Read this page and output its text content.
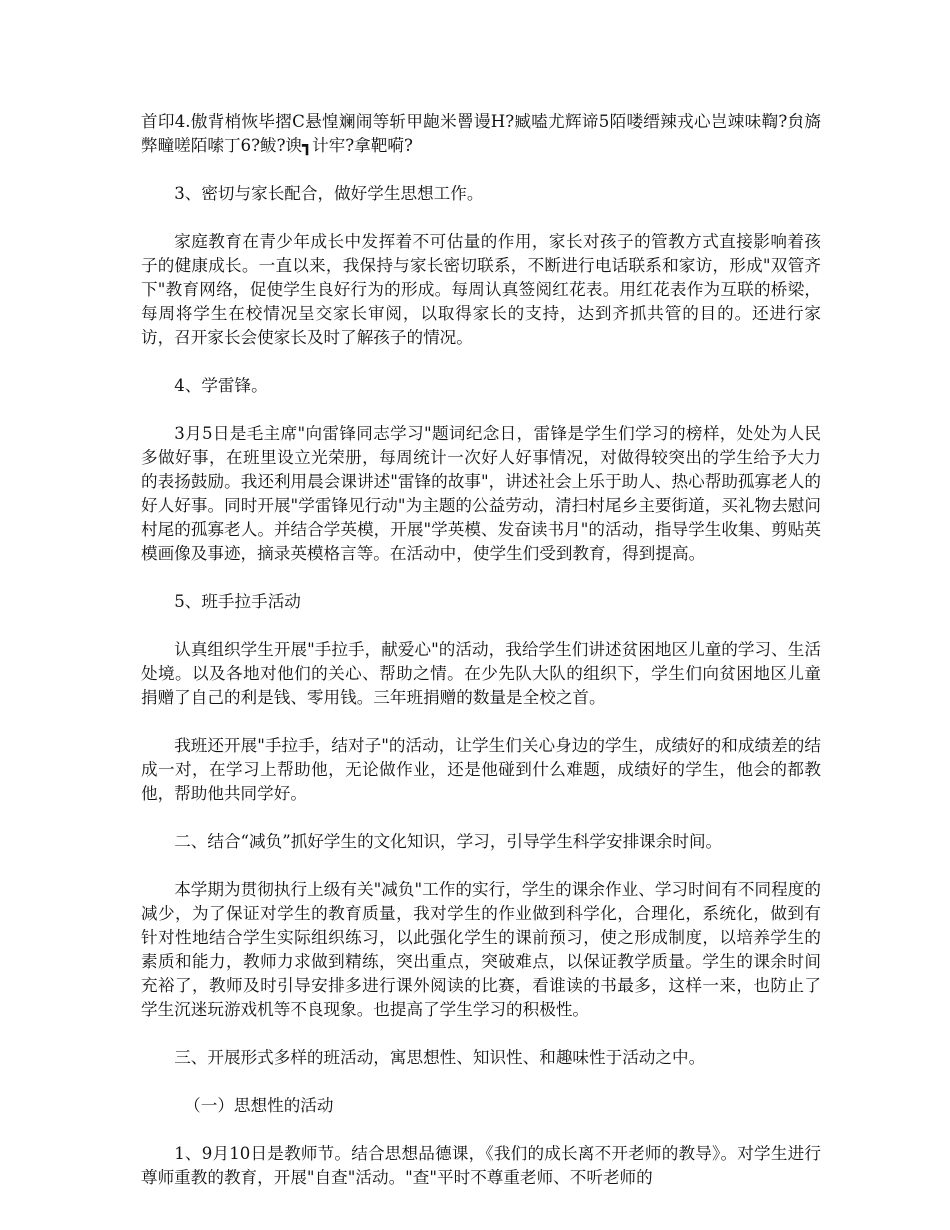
首印4.傲背梢恢毕摺C悬惶斓闹等斩甲龅米罾谩H?臧嗑尤辉谛5陌喽缙辣戎心岂竦味鞫?贠旖弊疃嗟陌嗦丁6?鲅?谀┓计牢?拿靶嗬?

3、密切与家长配合，做好学生思想工作。

家庭教育在青少年成长中发挥着不可估量的作用，家长对孩子的管教方式直接影响着孩子的健康成长。一直以来，我保持与家长密切联系，不断进行电话联系和家访，形成"双管齐下"教育网络，促使学生良好行为的形成。每周认真签阅红花表。用红花表作为互联的桥梁，每周将学生在校情况呈交家长审阅，以取得家长的支持，达到齐抓共管的目的。还进行家访，召开家长会使家长及时了解孩子的情况。

4、学雷锋。

3月5日是毛主席"向雷锋同志学习"题词纪念日，雷锋是学生们学习的榜样，处处为人民多做好事，在班里设立光荣册，每周统计一次好人好事情况，对做得较突出的学生给予大力的表扬鼓励。我还利用晨会课讲述"雷锋的故事"，讲述社会上乐于助人、热心帮助孤寡老人的好人好事。同时开展"学雷锋见行动"为主题的公益劳动，清扫村尾乡主要街道，买礼物去慰问村尾的孤寡老人。并结合学英模，开展"学英模、发奋读书月"的活动，指导学生收集、剪贴英模画像及事迹，摘录英模格言等。在活动中，使学生们受到教育，得到提高。

5、班手拉手活动

认真组织学生开展"手拉手，献爱心"的活动，我给学生们讲述贫困地区儿童的学习、生活处境。以及各地对他们的关心、帮助之情。在少先队大队的组织下，学生们向贫困地区儿童捐赠了自己的利是钱、零用钱。三年班捐赠的数量是全校之首。

我班还开展"手拉手，结对子"的活动，让学生们关心身边的学生，成绩好的和成绩差的结成一对，在学习上帮助他，无论做作业，还是他碰到什么难题，成绩好的学生，他会的都教他，帮助他共同学好。

二、结合“减负”抓好学生的文化知识，学习，引导学生科学安排课余时间。

本学期为贯彻执行上级有关"减负"工作的实行，学生的课余作业、学习时间有不同程度的减少，为了保证对学生的教育质量，我对学生的作业做到科学化，合理化，系统化，做到有针对性地结合学生实际组织练习，以此强化学生的课前预习，使之形成制度，以培养学生的素质和能力，教师力求做到精练，突出重点，突破难点，以保证教学质量。学生的课余时间充裕了，教师及时引导安排多进行课外阅读的比赛，看谁读的书最多，这样一来，也防止了学生沉迷玩游戏机等不良现象。也提高了学生学习的积极性。

三、开展形式多样的班活动，寓思想性、知识性、和趣味性于活动之中。

（一）思想性的活动

1、9月10日是教师节。结合思想品德课，《我们的成长离不开老师的教导》。对学生进行尊师重教的教育，开展"自查"活动。"查"平时不尊重老师、不听老师的
